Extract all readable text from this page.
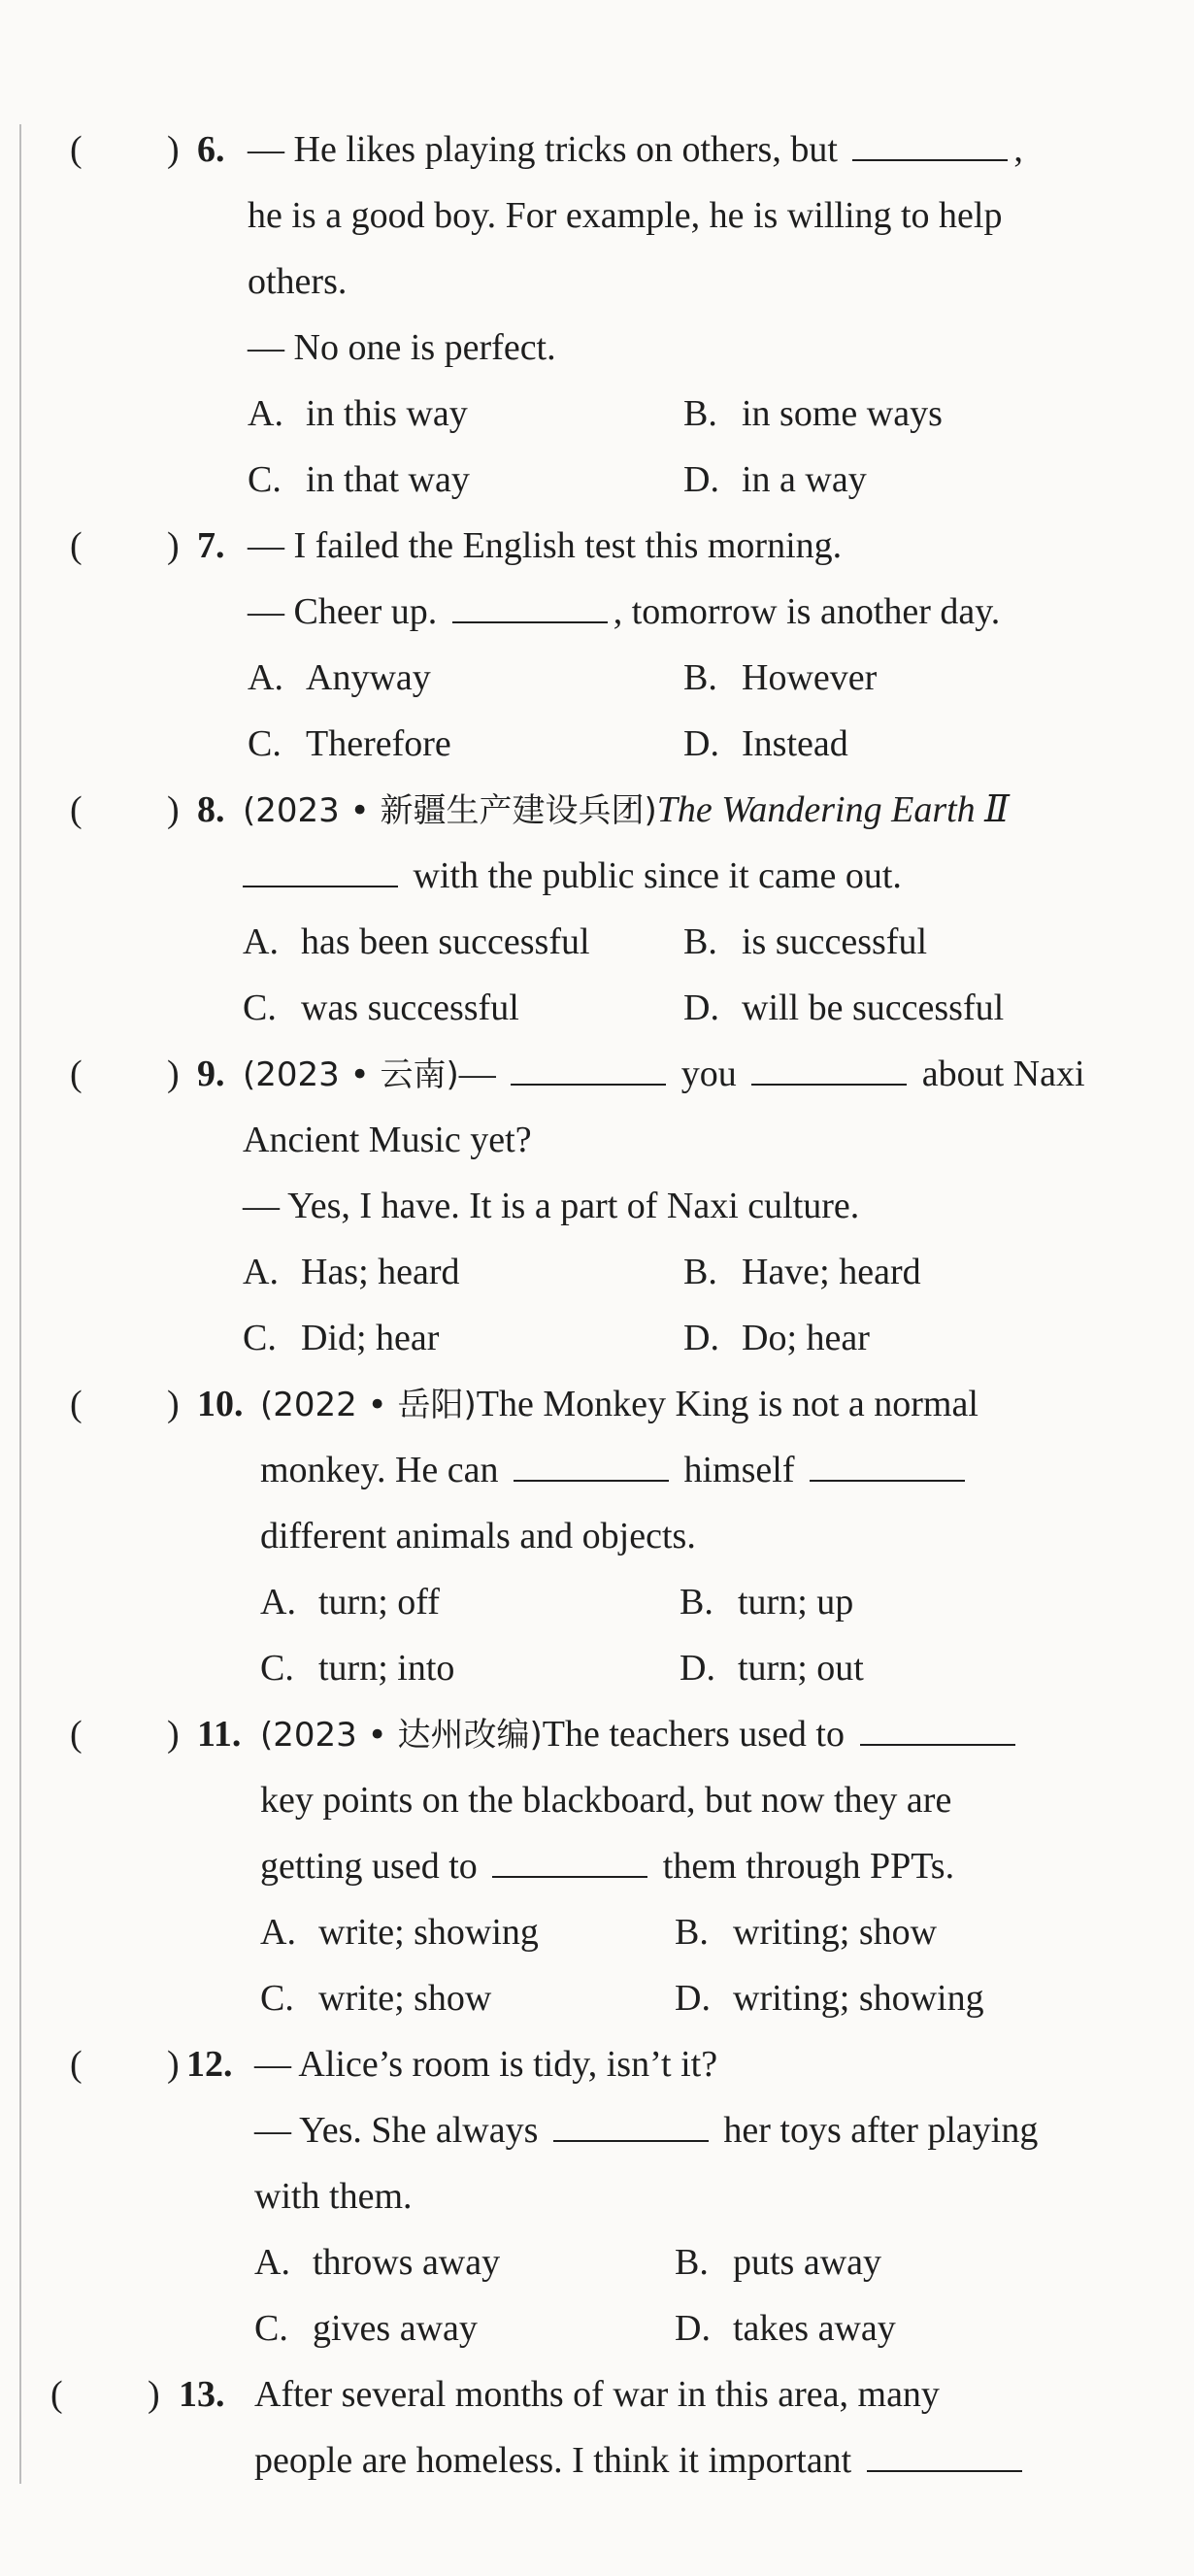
( ) 6. — He likes playing tricks on others, but	,
he is a good boy. For example, he is willing to help
others.
— No one is perfect.
A. in this way	B. in some ways
C. in that way	D. in a way
( ) 7. — I failed the English test this morning.
— Cheer up.	, tomorrow is another day.
A. Anyway	B. However
C. Therefore	D. Instead
( ) 8. (2023 • 新疆生产建设兵团)The Wandering Earth Ⅱ
with the public since it came out.
A. has been successful	B. is successful
C. was successful	D. will be successful
( ) 9. (2023 • 云南)—	you	about Naxi
Ancient Music yet?
— Yes, I have. It is a part of Naxi culture.
A. Has; heard	B. Have; heard
C. Did; hear	D. Do; hear
( ) 10. (2022 • 岳阳)The Monkey King is not a normal
monkey. He can	himself
different animals and objects.
A. turn; off	B. turn; up
C. turn; into	D. turn; out
( ) 11. (2023 • 达州改编)The teachers used to
key points on the blackboard, but now they are
getting used to	them through PPTs.
A. write; showing	B. writing; show
C. write; show	D. writing; showing
( ) 12. — Alice’s room is tidy, isn’t it?
— Yes. She always	her toys after playing
with them.
A. throws away	B. puts away
C. gives away	D. takes away
( ) 13. After several months of war in this area, many
people are homeless. I think it important
